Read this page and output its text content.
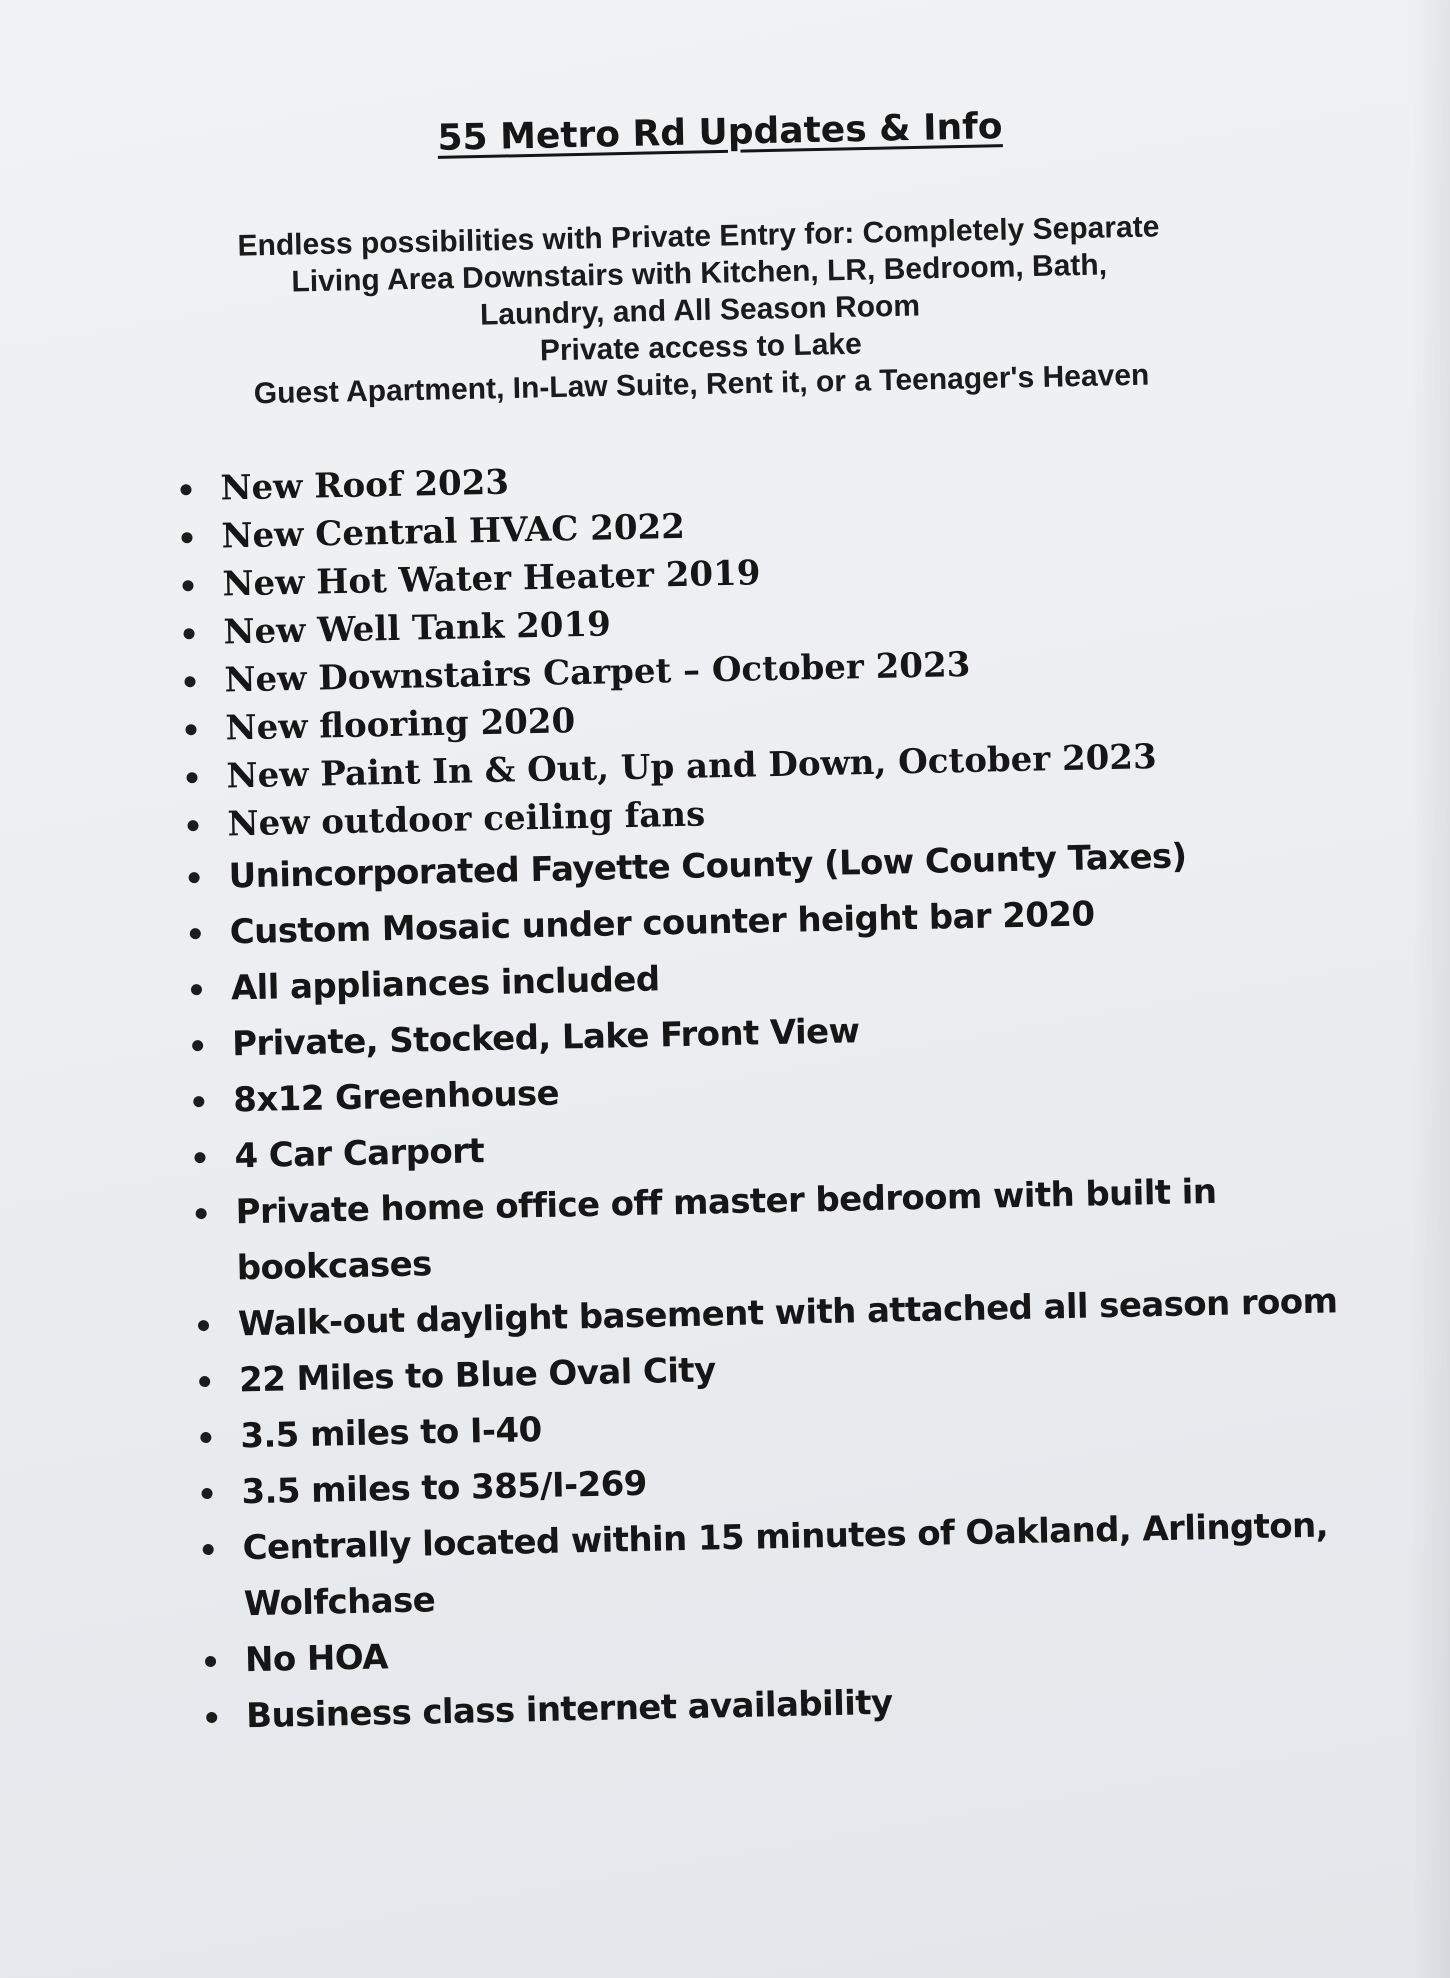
55 Metro Rd Updates & Info
Endless possibilities with Private Entry for: Completely Separate
Living Area Downstairs with Kitchen, LR, Bedroom, Bath,
Laundry, and All Season Room
Private access to Lake
Guest Apartment, In-Law Suite, Rent it, or a Teenager's Heaven
New Roof 2023
New Central HVAC 2022
New Hot Water Heater 2019
New Well Tank 2019
New Downstairs Carpet – October 2023
New flooring 2020
New Paint In & Out, Up and Down, October 2023
New outdoor ceiling fans
Unincorporated Fayette County (Low County Taxes)
Custom Mosaic under counter height bar 2020
All appliances included
Private, Stocked, Lake Front View
8x12 Greenhouse
4 Car Carport
Private home office off master bedroom with built in bookcases
Walk-out daylight basement with attached all season room
22 Miles to Blue Oval City
3.5 miles to I-40
3.5 miles to 385/I-269
Centrally located within 15 minutes of Oakland, Arlington, Wolfchase
No HOA
Business class internet availability
